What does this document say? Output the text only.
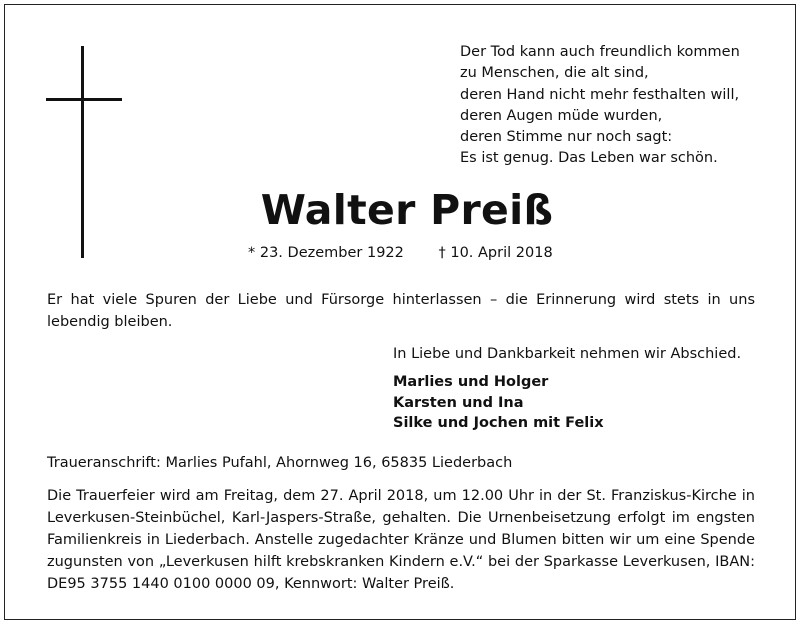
Der Tod kann auch freundlich kommen
zu Menschen, die alt sind,
deren Hand nicht mehr festhalten will,
deren Augen müde wurden,
deren Stimme nur noch sagt:
Es ist genug. Das Leben war schön.
Walter Preiß
* 23. Dezember 1922 † 10. April 2018
Er hat viele Spuren der Liebe und Fürsorge hinterlassen – die Erinnerung wird stets in uns lebendig bleiben.
In Liebe und Dankbarkeit nehmen wir Abschied.
Marlies und Holger
Karsten und Ina
Silke und Jochen mit Felix
Traueranschrift: Marlies Pufahl, Ahornweg 16, 65835 Liederbach
Die Trauerfeier wird am Freitag, dem 27. April 2018, um 12.00 Uhr in der St. Franziskus-Kirche in Leverkusen-Steinbüchel, Karl-Jaspers-Straße, gehalten. Die Urnenbeisetzung erfolgt im engsten Familienkreis in Liederbach. Anstelle zugedachter Kränze und Blumen bitten wir um eine Spende zugunsten von „Leverkusen hilft krebskranken Kindern e.V.“ bei der Sparkasse Leverkusen, IBAN: DE95 3755 1440 0100 0000 09, Kennwort: Walter Preiß.
